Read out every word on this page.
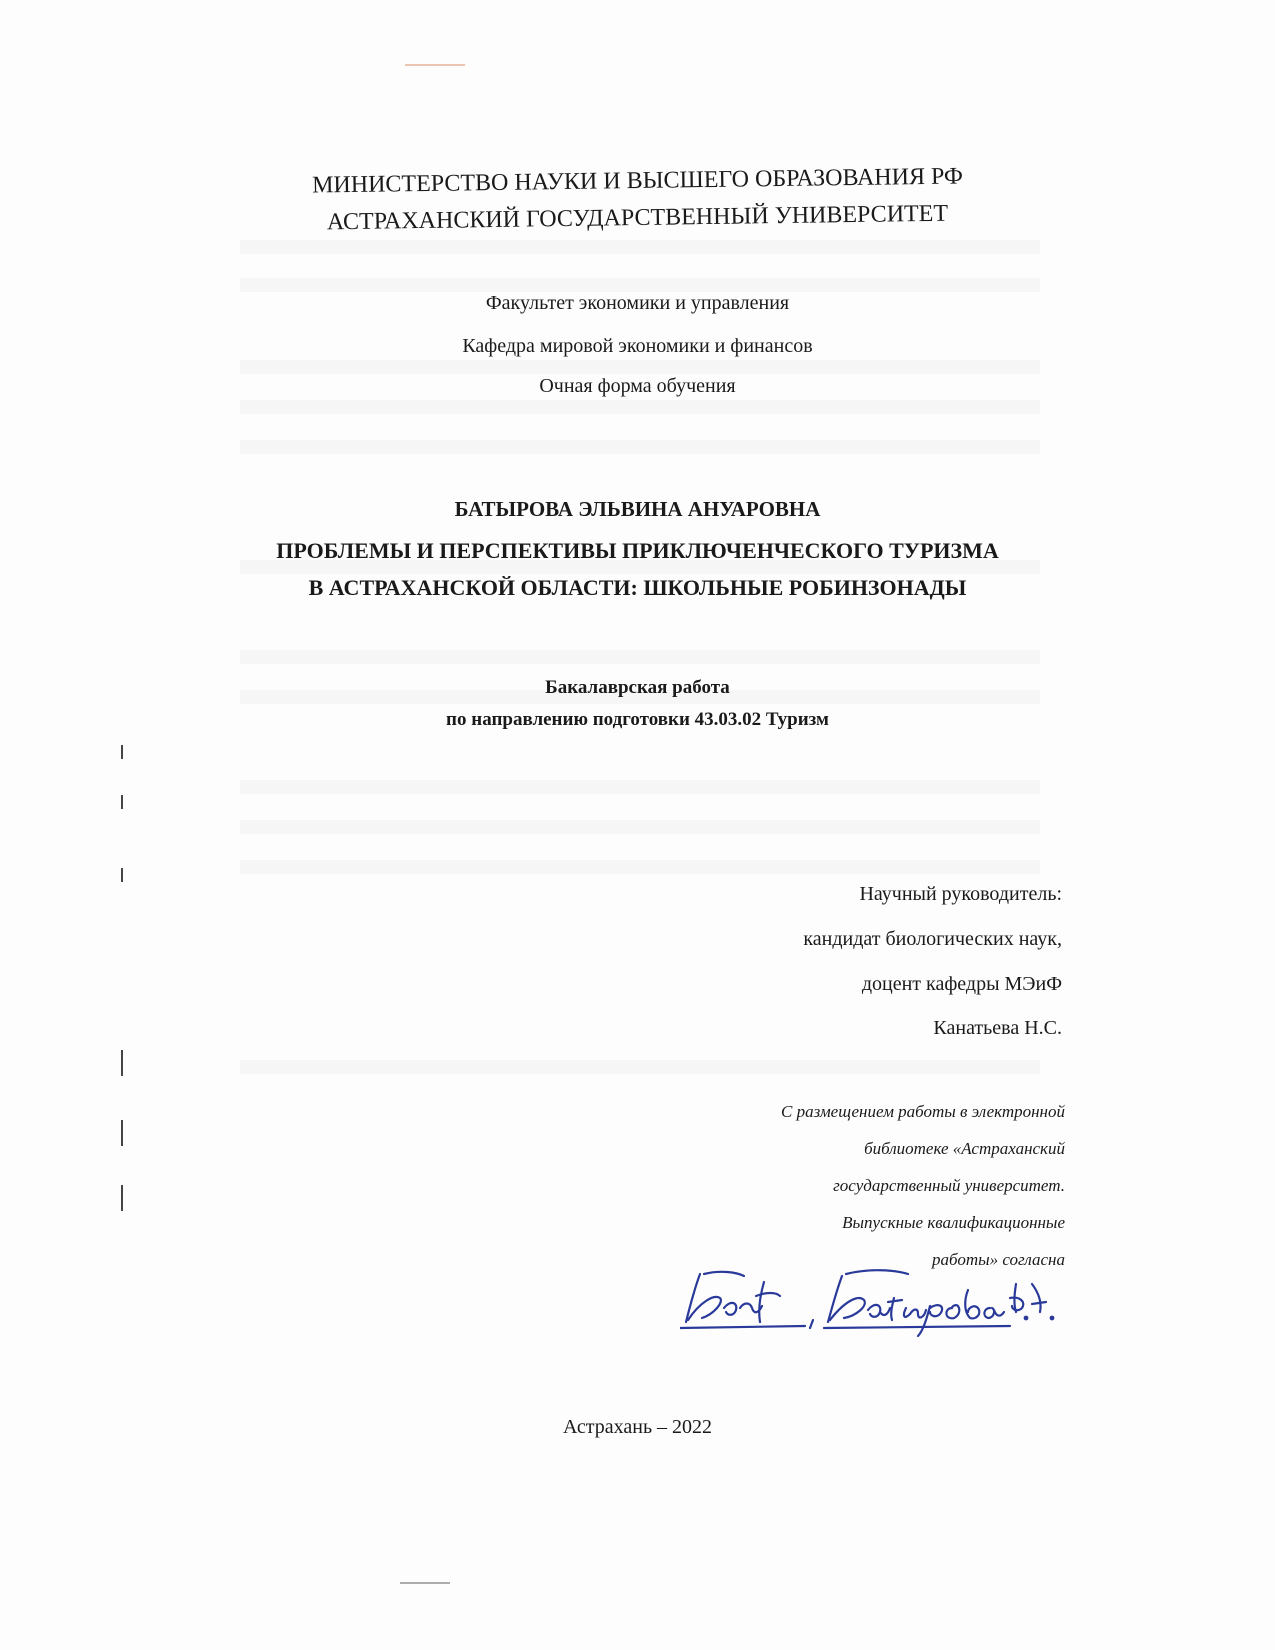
МИНИСТЕРСТВО НАУКИ И ВЫСШЕГО ОБРАЗОВАНИЯ РФ
АСТРАХАНСКИЙ ГОСУДАРСТВЕННЫЙ УНИВЕРСИТЕТ
Факультет экономики и управления
Кафедра мировой экономики и финансов
Очная форма обучения
БАТЫРОВА ЭЛЬВИНА АНУАРОВНА
ПРОБЛЕМЫ И ПЕРСПЕКТИВЫ ПРИКЛЮЧЕНЧЕСКОГО ТУРИЗМА
В АСТРАХАНСКОЙ ОБЛАСТИ: ШКОЛЬНЫЕ РОБИНЗОНАДЫ
Бакалаврская работа
по направлению подготовки 43.03.02 Туризм
Научный руководитель:
кандидат биологических наук,
доцент кафедры МЭиФ
Канатьева Н.С.
С размещением работы в электронной
библиотеке «Астраханский
государственный университет.
Выпускные квалификационные
работы» согласна
Астрахань – 2022
